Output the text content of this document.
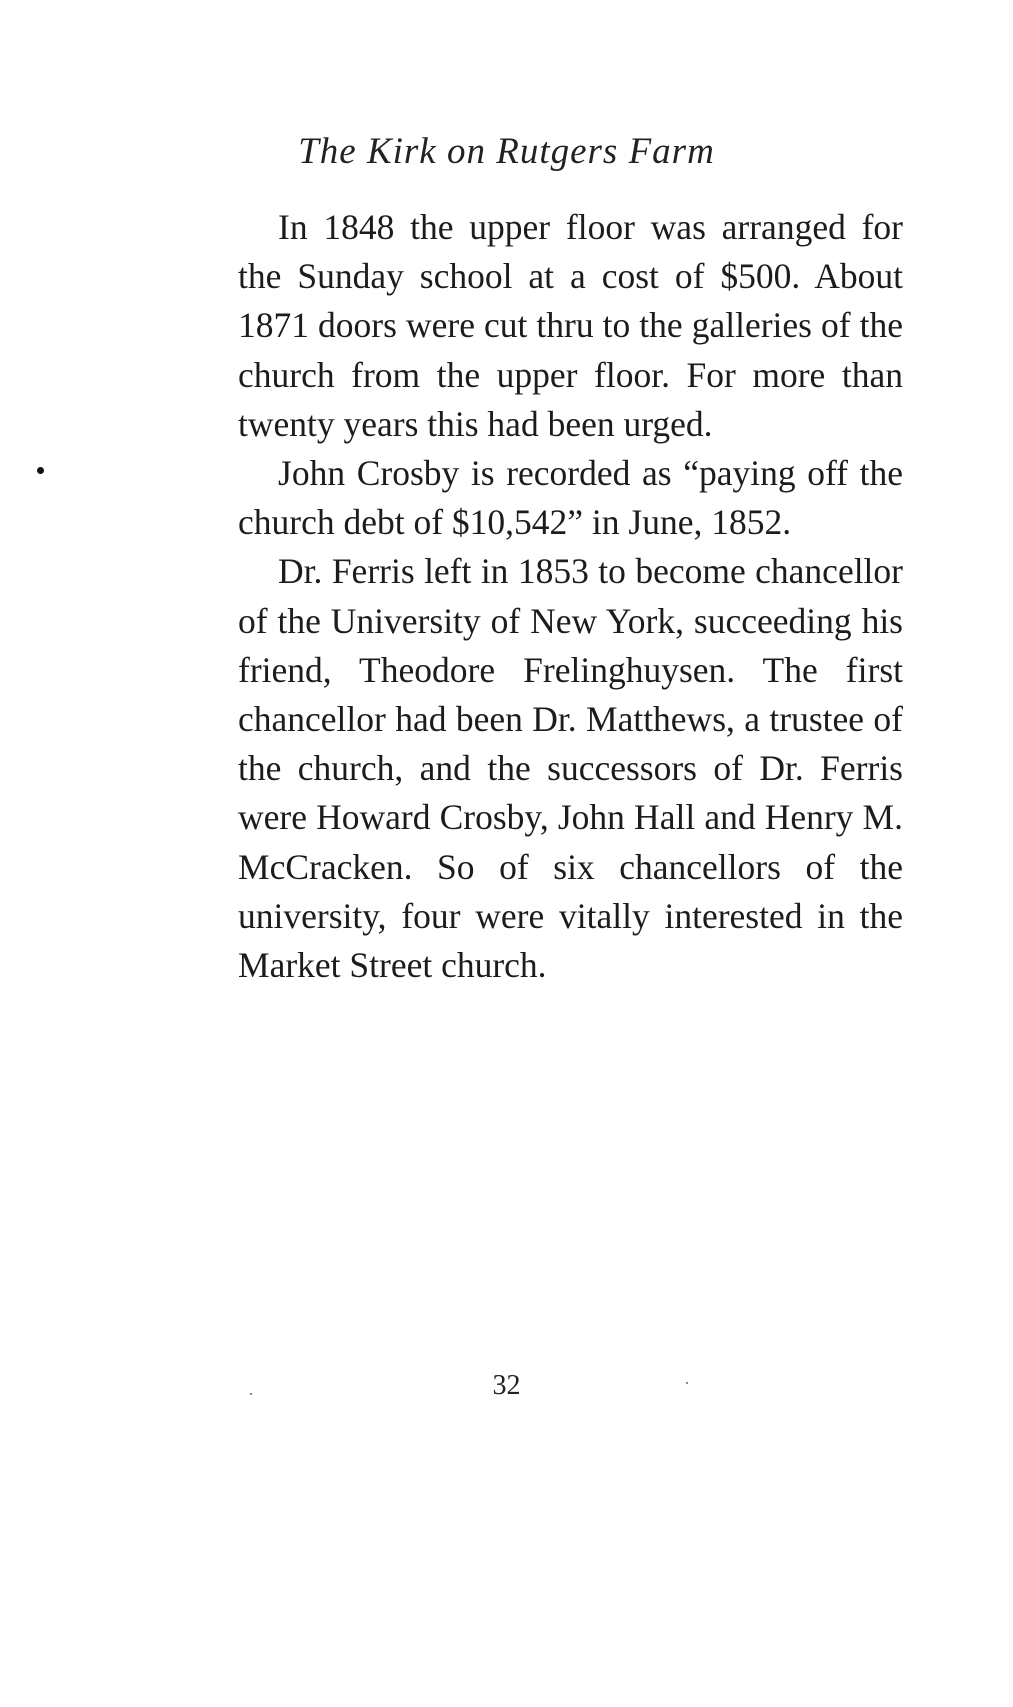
The Kirk on Rutgers Farm

In 1848 the upper floor was arranged for the Sunday school at a cost of $500. About 1871 doors were cut thru to the galleries of the church from the upper floor. For more than twenty years this had been urged.

John Crosby is recorded as “paying off the church debt of $10,542” in June, 1852.

Dr. Ferris left in 1853 to become chancellor of the University of New York, succeeding his friend, Theodore Frelinghuysen. The first chancellor had been Dr. Matthews, a trustee of the church, and the successors of Dr. Ferris were Howard Crosby, John Hall and Henry M. McCracken. So of six chancellors of the university, four were vitally interested in the Market Street church.

32
